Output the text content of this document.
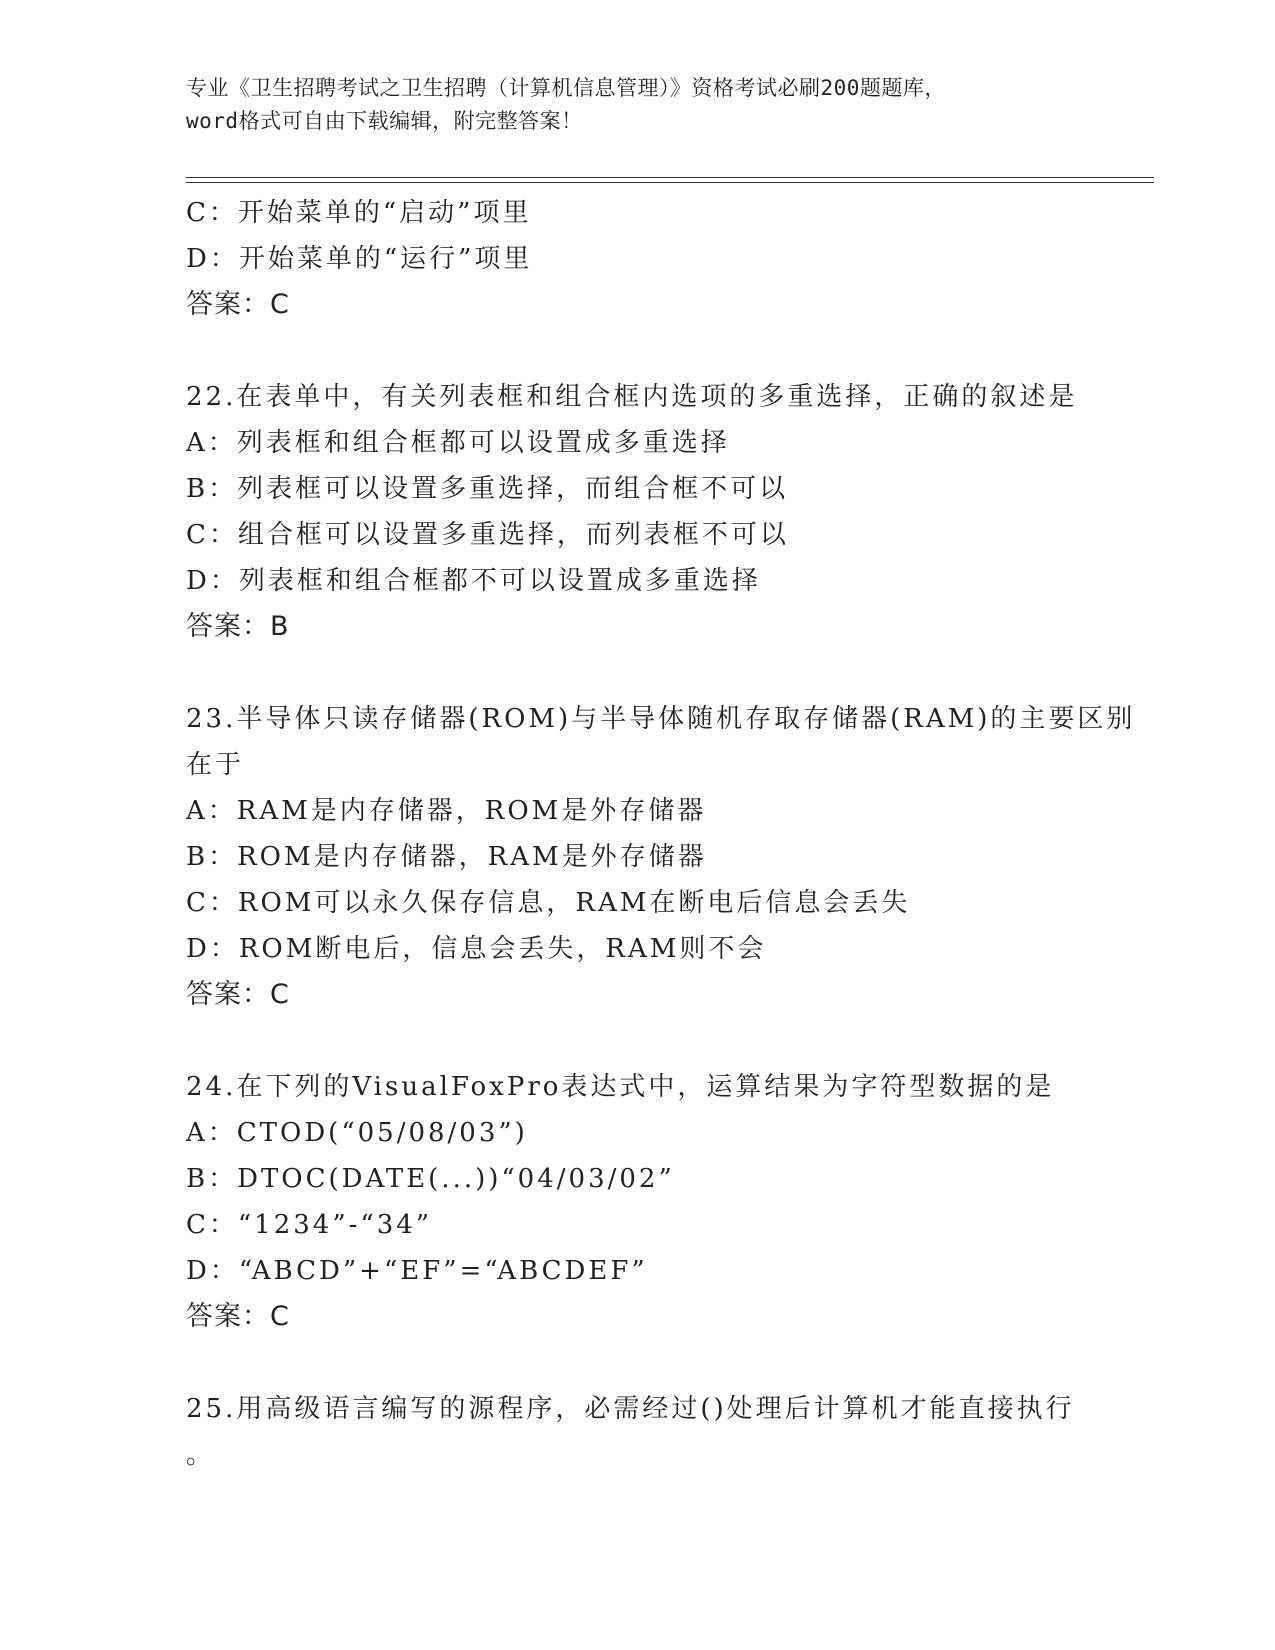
专业《卫生招聘考试之卫生招聘（计算机信息管理）》资格考试必刷200题题库，
word格式可自由下载编辑，附完整答案！
C：开始菜单的“启动”项里
D：开始菜单的“运行”项里
答案：C
22.在表单中，有关列表框和组合框内选项的多重选择，正确的叙述是
A：列表框和组合框都可以设置成多重选择
B：列表框可以设置多重选择，而组合框不可以
C：组合框可以设置多重选择，而列表框不可以
D：列表框和组合框都不可以设置成多重选择
答案：B
23.半导体只读存储器(ROM)与半导体随机存取存储器(RAM)的主要区别
在于
A：RAM是内存储器，ROM是外存储器
B：ROM是内存储器，RAM是外存储器
C：ROM可以永久保存信息，RAM在断电后信息会丢失
D：ROM断电后，信息会丢失，RAM则不会
答案：C
24.在下列的VisualFoxPro表达式中，运算结果为字符型数据的是
A：CTOD(“05/08/03”)
B：DTOC(DATE(...))“04/03/02”
C：“1234”-“34”
D：“ABCD”+“EF”=“ABCDEF”
答案：C
25.用高级语言编写的源程序，必需经过()处理后计算机才能直接执行
。
